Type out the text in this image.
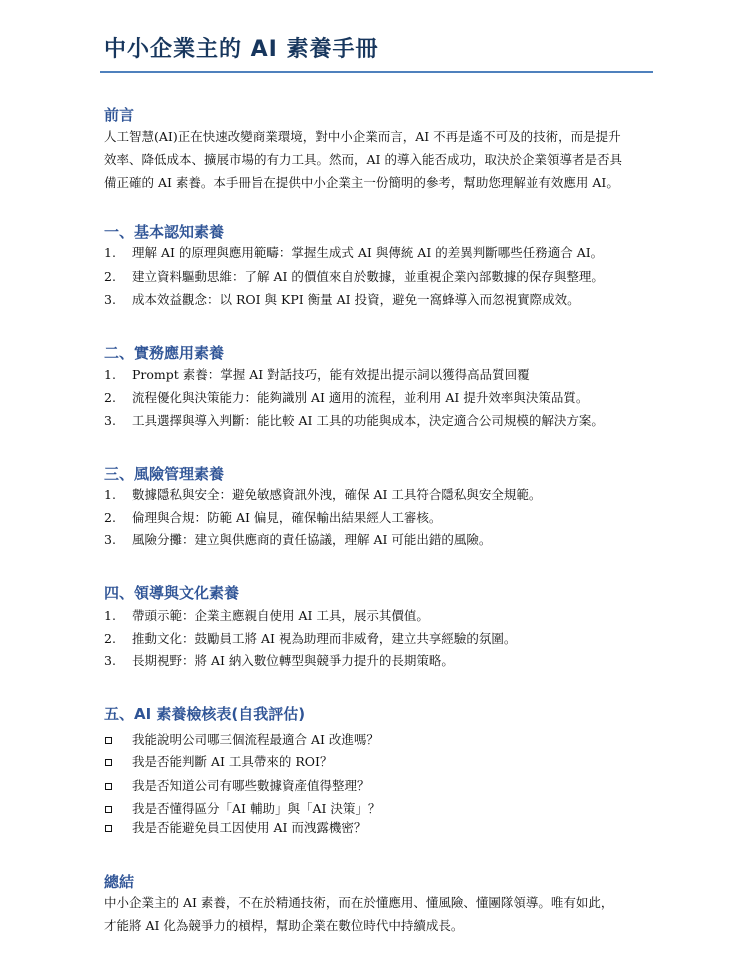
中小企業主的 AI 素養手冊
前言
人工智慧(AI)正在快速改變商業環境，對中小企業而言，AI 不再是遙不可及的技術，而是提升
效率、降低成本、擴展市場的有力工具。然而，AI 的導入能否成功，取決於企業領導者是否具
備正確的 AI 素養。本手冊旨在提供中小企業主一份簡明的參考，幫助您理解並有效應用 AI。
一、基本認知素養
1.	理解 AI 的原理與應用範疇：掌握生成式 AI 與傳統 AI 的差異判斷哪些任務適合 AI。
2.	建立資料驅動思維：了解 AI 的價值來自於數據，並重視企業內部數據的保存與整理。
3.	成本效益觀念：以 ROI 與 KPI 衡量 AI 投資，避免一窩蜂導入而忽視實際成效。
二、實務應用素養
1.	Prompt 素養：掌握 AI 對話技巧，能有效提出提示詞以獲得高品質回覆
2.	流程優化與決策能力：能夠識別 AI 適用的流程，並利用 AI 提升效率與決策品質。
3.	工具選擇與導入判斷：能比較 AI 工具的功能與成本，決定適合公司規模的解決方案。
三、風險管理素養
1.	數據隱私與安全：避免敏感資訊外洩，確保 AI 工具符合隱私與安全規範。
2.	倫理與合規：防範 AI 偏見，確保輸出結果經人工審核。
3.	風險分攤：建立與供應商的責任協議，理解 AI 可能出錯的風險。
四、領導與文化素養
1.	帶頭示範：企業主應親自使用 AI 工具，展示其價值。
2.	推動文化：鼓勵員工將 AI 視為助理而非威脅，建立共享經驗的氛圍。
3.	長期視野：將 AI 納入數位轉型與競爭力提升的長期策略。
五、AI 素養檢核表(自我評估)
我能說明公司哪三個流程最適合 AI 改進嗎？
我是否能判斷 AI 工具帶來的 ROI？
我是否知道公司有哪些數據資產值得整理？
我是否懂得區分「AI 輔助」與「AI 決策」？
我是否能避免員工因使用 AI 而洩露機密？
總結
中小企業主的 AI 素養，不在於精通技術，而在於懂應用、懂風險、懂團隊領導。唯有如此，
才能將 AI 化為競爭力的槓桿，幫助企業在數位時代中持續成長。
